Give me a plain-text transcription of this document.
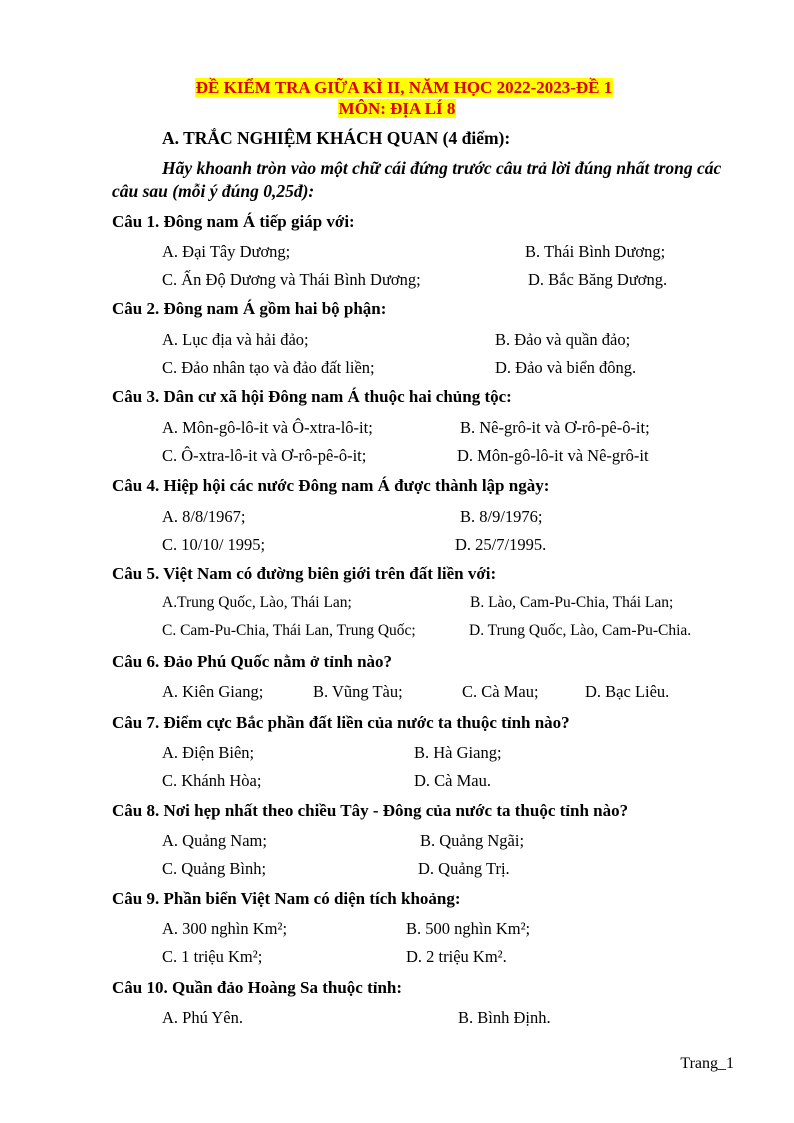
ĐỀ KIỂM TRA GIỮA KÌ II, NĂM HỌC 2022-2023-ĐỀ 1
MÔN: ĐỊA LÍ 8
A. TRẮC NGHIỆM KHÁCH QUAN (4 điểm):
Hãy khoanh tròn vào một chữ cái đứng trước câu trả lời đúng nhất trong các câu sau (mỗi ý đúng 0,25đ):
Câu 1. Đông nam Á tiếp giáp với:
A. Đại Tây Dương;	B. Thái Bình Dương;
C. Ấn Độ Dương và Thái Bình Dương;	D. Bắc Băng Dương.
Câu 2. Đông nam Á gồm hai bộ phận:
A. Lục địa và hải đảo;	B. Đảo và quần đảo;
C. Đảo nhân tạo và đảo đất liền;	D. Đảo và biển đông.
Câu 3. Dân cư xã hội Đông nam Á thuộc hai chủng tộc:
A. Môn-gô-lô-it và Ô-xtra-lô-it;	B. Nê-grô-it và Ơ-rô-pê-ô-it;
C. Ô-xtra-lô-it và Ơ-rô-pê-ô-it;	D. Môn-gô-lô-it và Nê-grô-it
Câu 4. Hiệp hội các nước Đông nam Á được thành lập ngày:
A. 8/8/1967;	B. 8/9/1976;
C. 10/10/ 1995;	D. 25/7/1995.
Câu 5. Việt Nam có đường biên giới trên đất liền với:
A.Trung Quốc, Lào, Thái Lan;	B. Lào, Cam-Pu-Chia, Thái Lan;
C. Cam-Pu-Chia, Thái Lan, Trung Quốc;	D. Trung Quốc, Lào, Cam-Pu-Chia.
Câu 6. Đảo Phú Quốc nằm ở tỉnh nào?
A. Kiên Giang;	B. Vũng Tàu;	C. Cà Mau;	D. Bạc Liêu.
Câu 7. Điểm cực Bắc phần đất liền của nước ta thuộc tỉnh nào?
A. Điện Biên;	B. Hà Giang;
C. Khánh Hòa;	D. Cà Mau.
Câu 8. Nơi hẹp nhất theo chiều Tây - Đông của nước ta thuộc tỉnh nào?
A. Quảng Nam;	B. Quảng Ngãi;
C. Quảng Bình;	D. Quảng Trị.
Câu 9. Phần biển Việt Nam có diện tích khoảng:
A. 300 nghìn Km²;	B. 500 nghìn Km²;
C. 1 triệu Km²;	D. 2 triệu Km².
Câu 10. Quần đảo Hoàng Sa thuộc tỉnh:
A. Phú Yên.	B. Bình Định.
Trang_1
